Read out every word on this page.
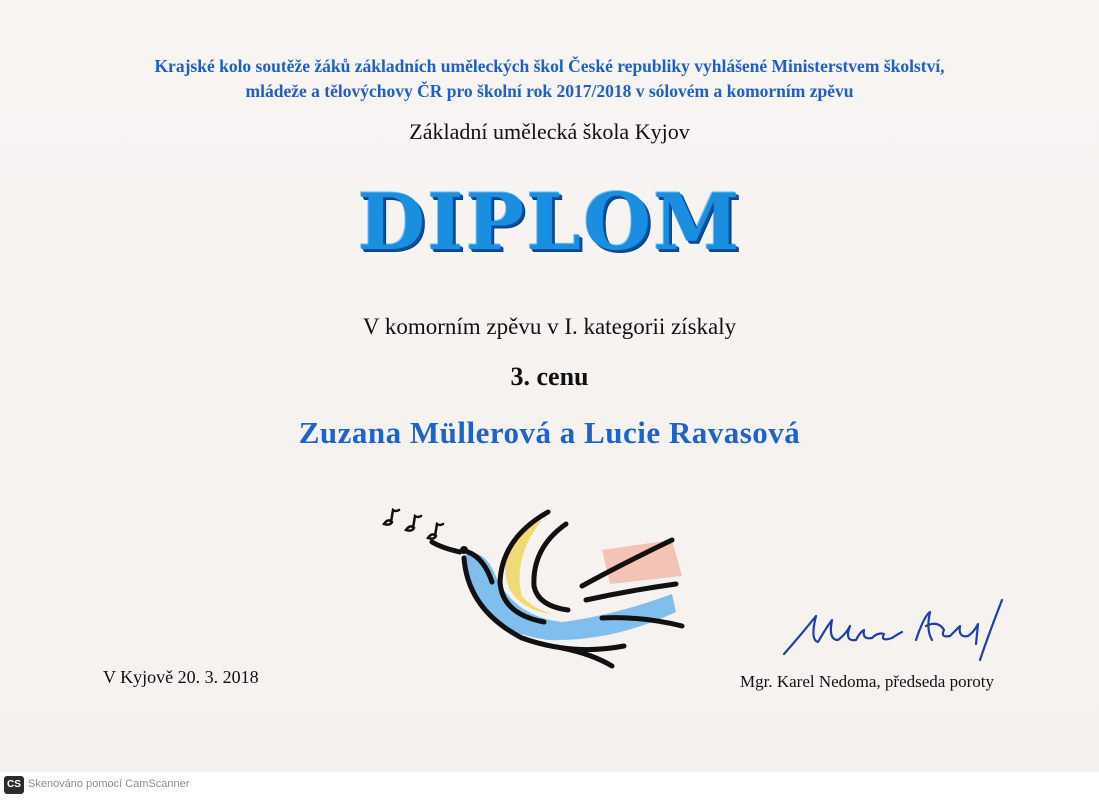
Krajské kolo soutěže žáků základních uměleckých škol České republiky vyhlášené Ministerstvem školství,
mládeže a tělovýchovy ČR pro školní rok 2017/2018 v sólovém a komorním zpěvu
Základní umělecká škola Kyjov
DIPLOM
V komorním zpěvu v I. kategorii získaly
3. cenu
Zuzana Müllerová a Lucie Ravasová
V Kyjově 20. 3. 2018	Mgr. Karel Nedoma, předseda poroty
CS Skenováno pomocí CamScanner
